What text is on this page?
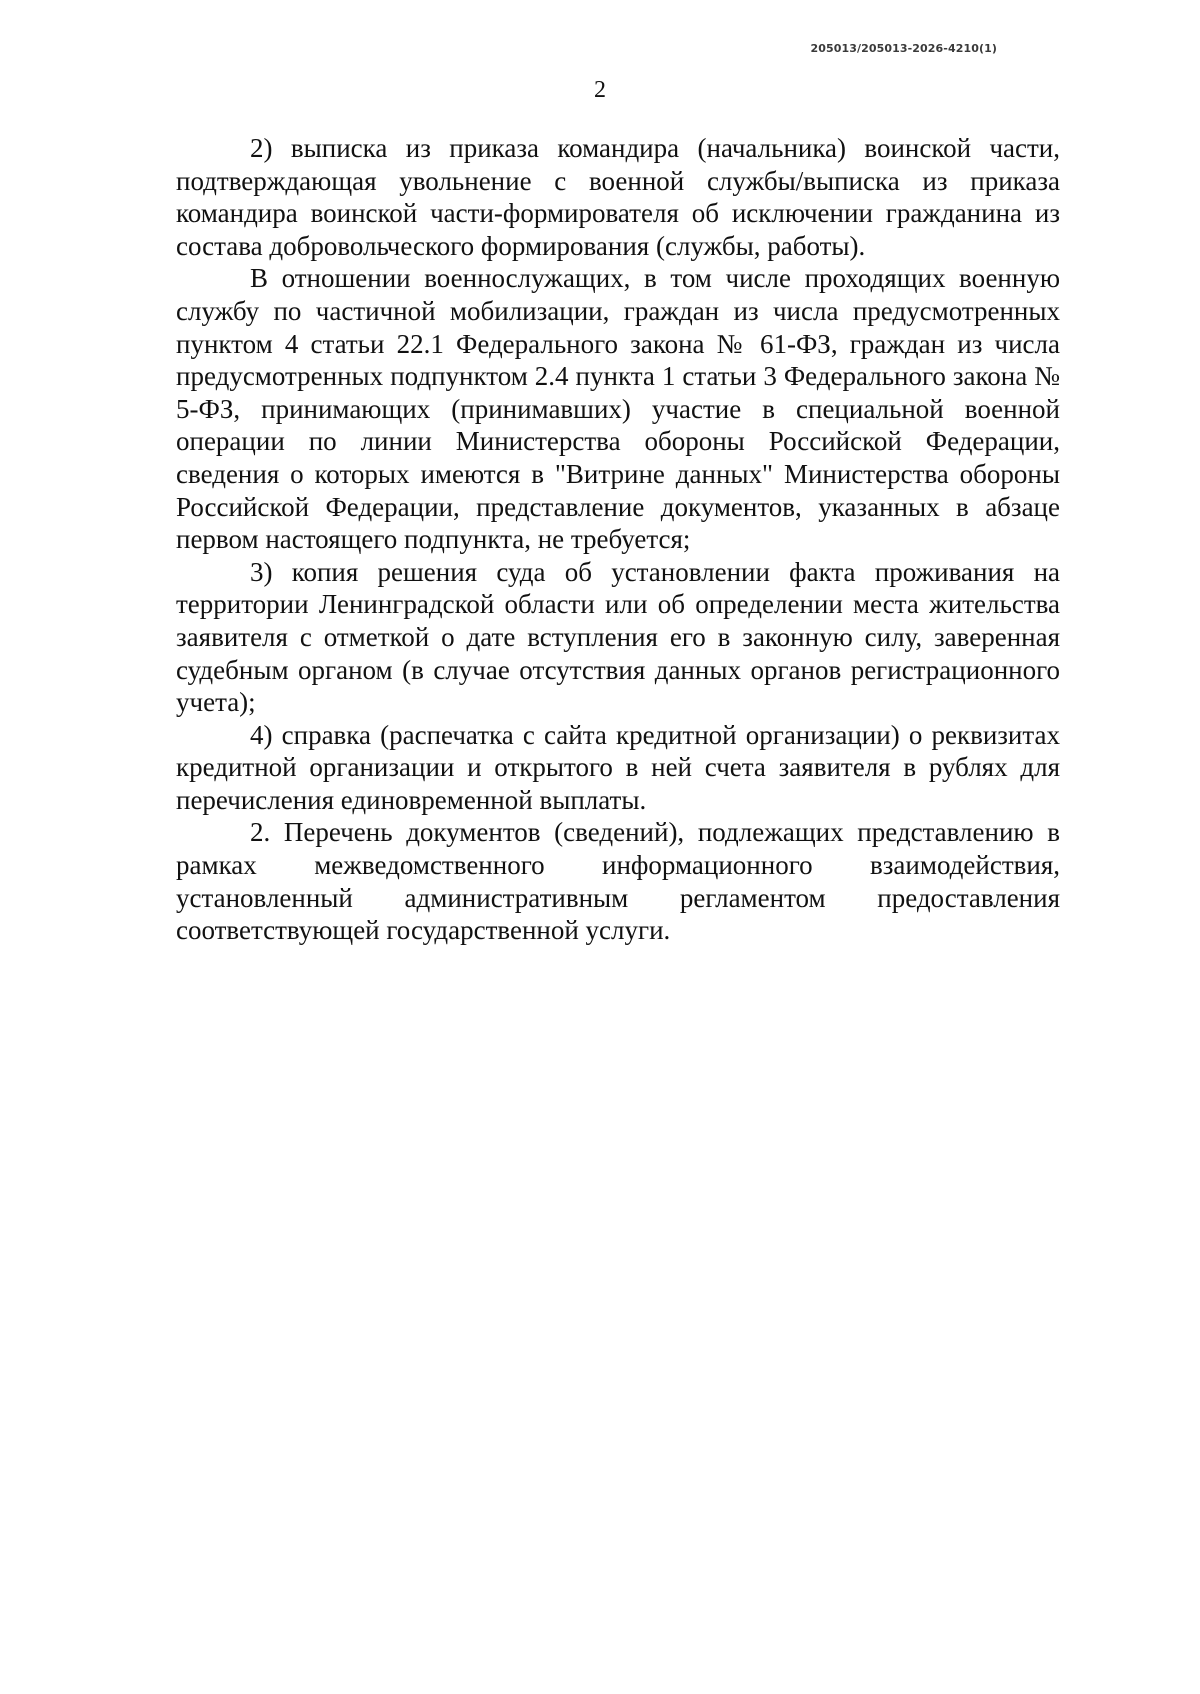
205013/205013-2026-4210(1)
2

2) выписка из приказа командира (начальника) воинской части, подтверждающая увольнение с военной службы/выписка из приказа командира воинской части-формирователя об исключении гражданина из состава добровольческого формирования (службы, работы).

В отношении военнослужащих, в том числе проходящих военную службу по частичной мобилизации, граждан из числа предусмотренных пунктом 4 статьи 22.1 Федерального закона № 61-ФЗ, граждан из числа предусмотренных подпунктом 2.4 пункта 1 статьи 3 Федерального закона № 5-ФЗ, принимающих (принимавших) участие в специальной военной операции по линии Министерства обороны Российской Федерации, сведения о которых имеются в "Витрине данных" Министерства обороны Российской Федерации, представление документов, указанных в абзаце первом настоящего подпункта, не требуется;

3) копия решения суда об установлении факта проживания на территории Ленинградской области или об определении места жительства заявителя с отметкой о дате вступления его в законную силу, заверенная судебным органом (в случае отсутствия данных органов регистрационного учета);

4) справка (распечатка с сайта кредитной организации) о реквизитах кредитной организации и открытого в ней счета заявителя в рублях для перечисления единовременной выплаты.

2. Перечень документов (сведений), подлежащих представлению в рамках межведомственного информационного взаимодействия, установленный административным регламентом предоставления соответствующей государственной услуги.
